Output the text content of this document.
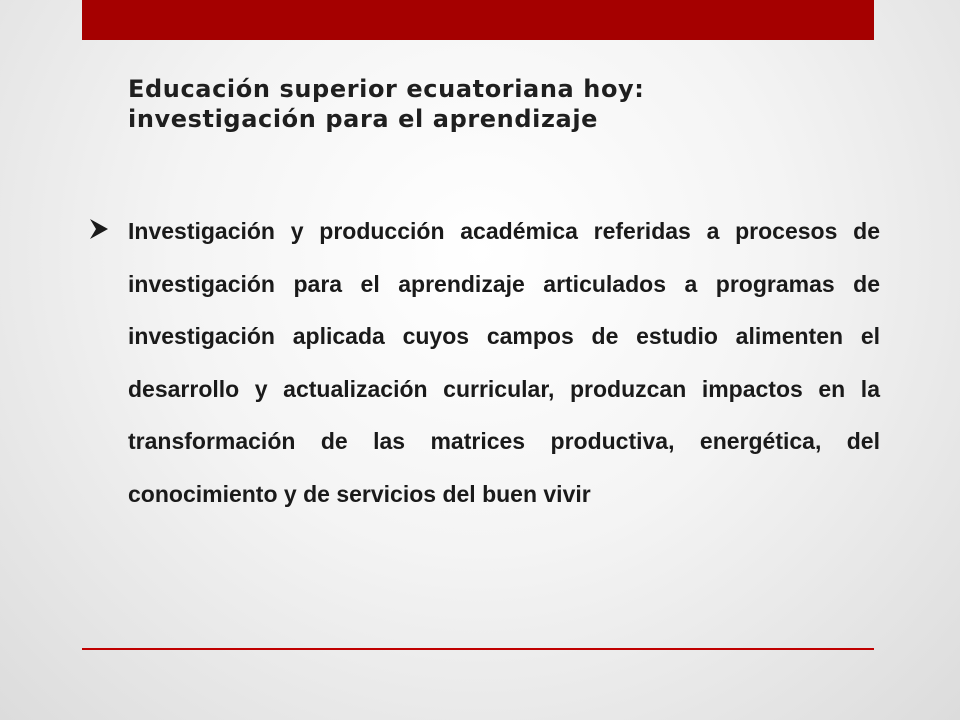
Educación superior ecuatoriana hoy:
investigación para el aprendizaje

Investigación y producción académica referidas a procesos de investigación para el aprendizaje articulados a programas de investigación aplicada cuyos campos de estudio alimenten el desarrollo y actualización curricular, produzcan impactos en la transformación de las matrices productiva, energética, del conocimiento y de servicios del buen vivir
